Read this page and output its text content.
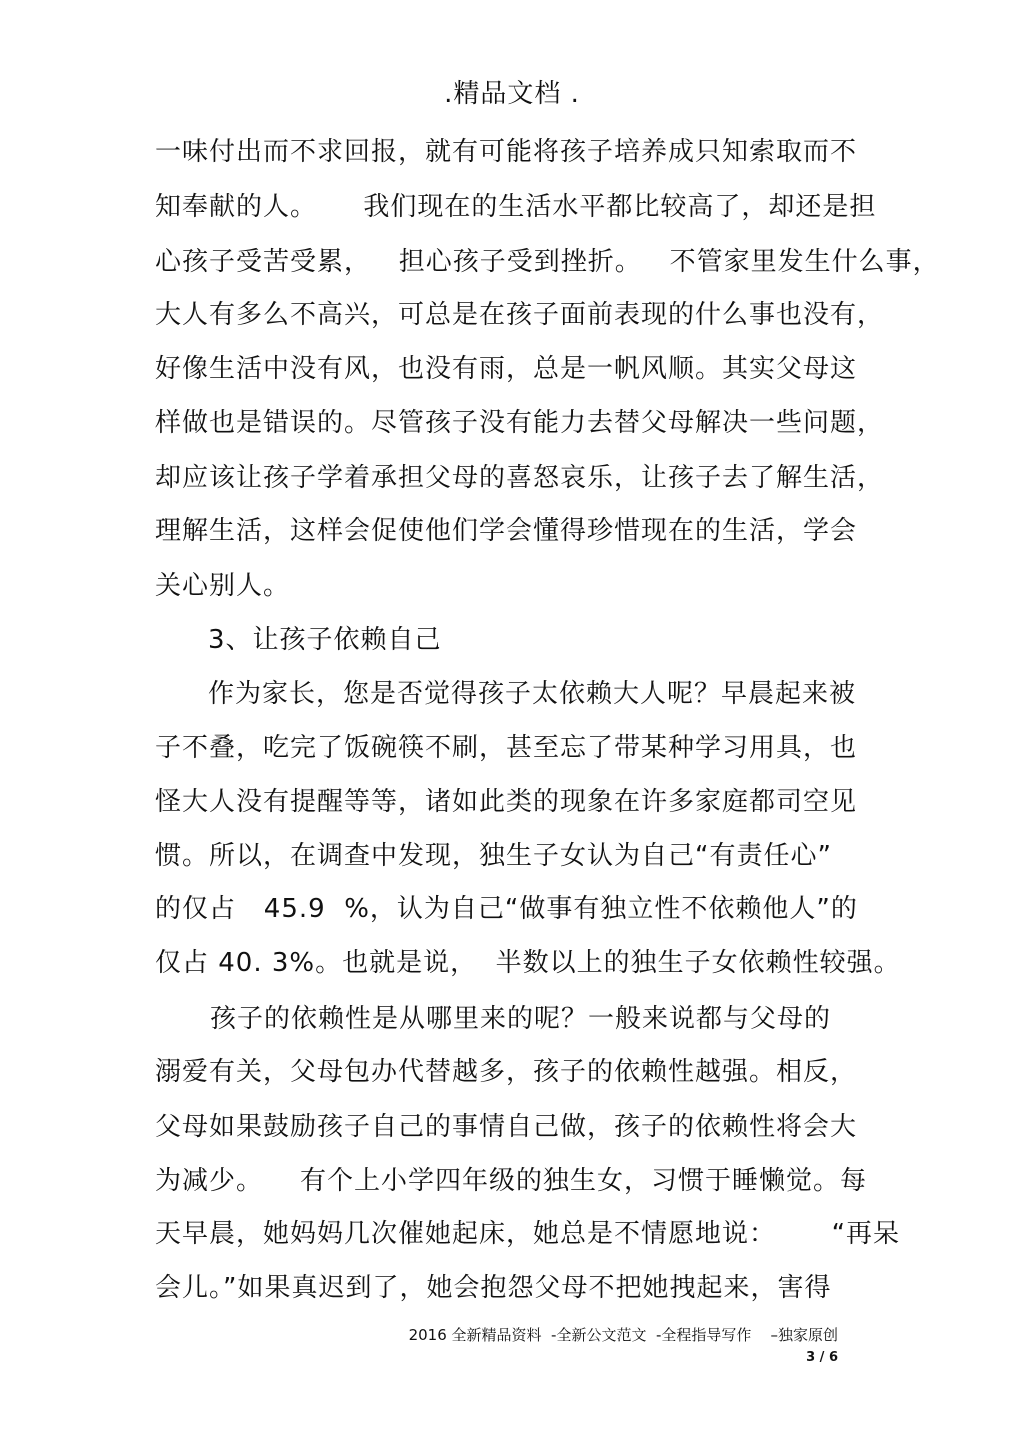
.精品文档 .
一味付出而不求回报，就有可能将孩子培养成只知索取而不
知奉献的人。     我们现在的生活水平都比较高了，却还是担
心孩子受苦受累，   担心孩子受到挫折。   不管家里发生什么事，
大人有多么不高兴，可总是在孩子面前表现的什么事也没有，
好像生活中没有风，也没有雨，总是一帆风顺。其实父母这
样做也是错误的。尽管孩子没有能力去替父母解决一些问题，
却应该让孩子学着承担父母的喜怒哀乐，让孩子去了解生活，
理解生活，这样会促使他们学会懂得珍惜现在的生活，学会
关心别人。
3、让孩子依赖自己
作为家长，您是否觉得孩子太依赖大人呢？早晨起来被
子不叠，吃完了饭碗筷不刷，甚至忘了带某种学习用具，也
怪大人没有提醒等等，诸如此类的现象在许多家庭都司空见
惯。所以，在调查中发现，独生子女认为自己“有责任心”
的仅占   45.9  %，认为自己“做事有独立性不依赖他人”的
仅占 40. 3%。也就是说，  半数以上的独生子女依赖性较强。
孩子的依赖性是从哪里来的呢？一般来说都与父母的
溺爱有关，父母包办代替越多，孩子的依赖性越强。相反，
父母如果鼓励孩子自己的事情自己做，孩子的依赖性将会大
为减少。    有个上小学四年级的独生女，习惯于睡懒觉。每
天早晨，她妈妈几次催她起床，她总是不情愿地说：      “再呆
会儿。”如果真迟到了，她会抱怨父母不把她拽起来，害得
2016 全新精品资料  -全新公文范文  -全程指导写作    –独家原创
3 / 6
